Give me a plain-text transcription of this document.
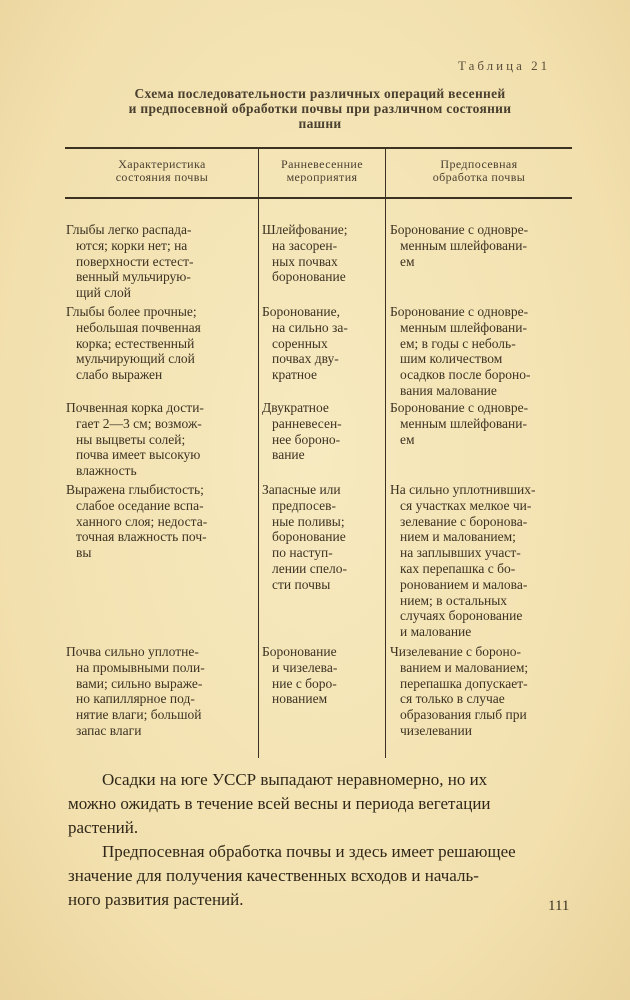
Таблица 21
Схема последовательности различных операций весенней
и предпосевной обработки почвы при различном состоянии
пашни
Характеристика
состояния почвы
Ранневесенние
мероприятия
Предпосевная
обработка почвы
Глыбы легко распада-
ются; корки нет; на
поверхности естест-
венный мульчирую-
щий слой
Шлейфование;
на засорен-
ных почвах
боронование
Боронование с одновре-
менным шлейфовани-
ем
Глыбы более прочные;
небольшая почвенная
корка; естественный
мульчирующий слой
слабо выражен
Боронование,
на сильно за-
соренных
почвах дву-
кратное
Боронование с одновре-
менным шлейфовани-
ем; в годы с неболь-
шим количеством
осадков после бороно-
вания малование
Почвенная корка дости-
гает 2—3 см; возмож-
ны выцветы солей;
почва имеет высокую
влажность
Двукратное
ранневесен-
нее бороно-
вание
Боронование с одновре-
менным шлейфовани-
ем
Выражена глыбистость;
слабое оседание вспа-
ханного слоя; недоста-
точная влажность поч-
вы
Запасные или
предпосев-
ные поливы;
боронование
по наступ-
лении спело-
сти почвы
На сильно уплотнивших-
ся участках мелкое чи-
зелевание с боронова-
нием и малованием;
на заплывших участ-
ках перепашка с бо-
ронованием и малова-
нием; в остальных
случаях боронование
и малование
Почва сильно уплотне-
на промывными поли-
вами; сильно выраже-
но капиллярное под-
нятие влаги; большой
запас влаги
Боронование
и чизелева-
ние с боро-
нованием
Чизелевание с бороно-
ванием и малованием;
перепашка допускает-
ся только в случае
образования глыб при
чизелевании
  Осадки на юге УССР выпадают неравномерно, но их
можно ожидать в течение всей весны и периода вегетации
растений.
  Предпосевная обработка почвы и здесь имеет решающее
значение для получения качественных всходов и началь-
ного развития растений.	111
